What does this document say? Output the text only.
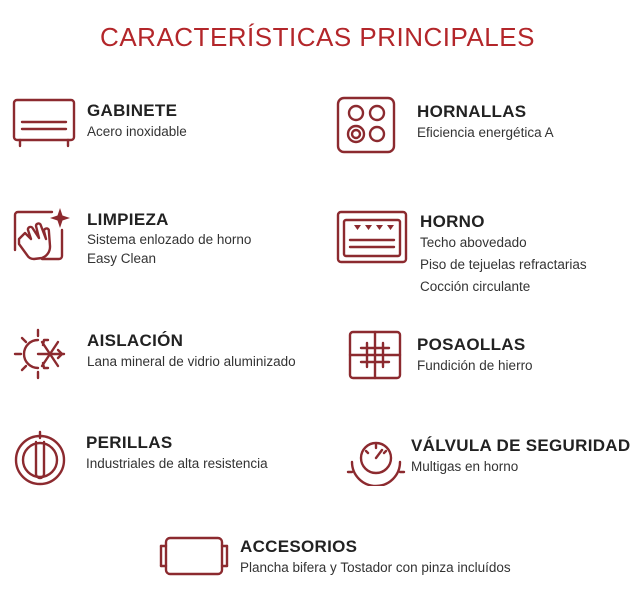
CARACTERÍSTICAS PRINCIPALES
GABINETE
Acero inoxidable
HORNALLAS
Eficiencia energética A
LIMPIEZA
Sistema enlozado de horno
Easy Clean
HORNO
Techo abovedado
Piso de tejuelas refractarias
Cocción circulante
AISLACIÓN
Lana mineral de vidrio aluminizado
POSAOLLAS
Fundición de hierro
PERILLAS
Industriales de alta resistencia
VÁLVULA DE SEGURIDAD
Multigas en horno
ACCESORIOS
Plancha bifera y Tostador con pinza incluídos
